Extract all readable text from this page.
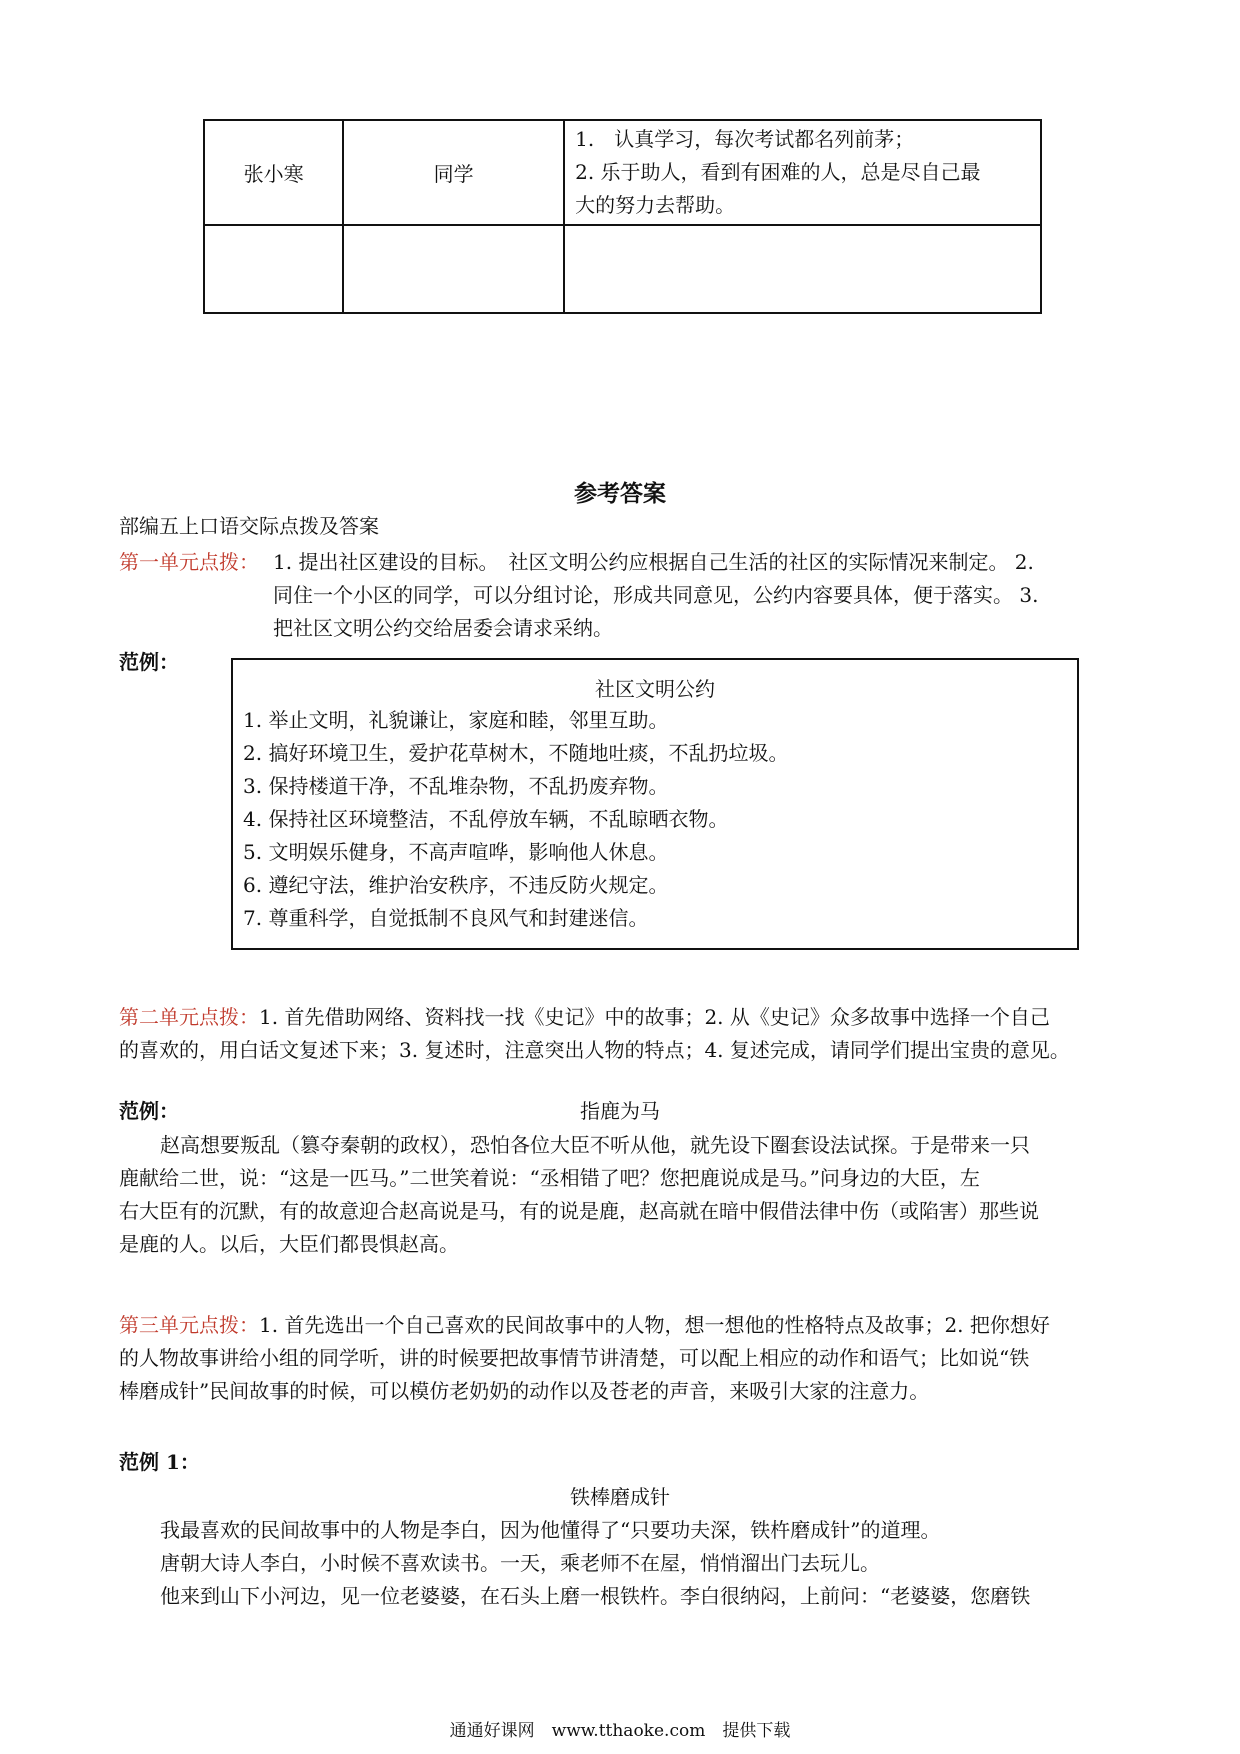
张小寒	同学	1.　认真学习，每次考试都名列前茅；
2. 乐于助人，看到有困难的人，总是尽自己最
大的努力去帮助。

参考答案
部编五上口语交际点拨及答案
第一单元点拨： 1. 提出社区建设的目标。　社区文明公约应根据自己生活的社区的实际情况来制定。 2.
同住一个小区的同学，可以分组讨论，形成共同意见，公约内容要具体，便于落实。 3.
把社区文明公约交给居委会请求采纳。
范例：
社区文明公约
1. 举止文明，礼貌谦让，家庭和睦，邻里互助。
2. 搞好环境卫生，爱护花草树木，不随地吐痰，不乱扔垃圾。
3. 保持楼道干净，不乱堆杂物，不乱扔废弃物。
4. 保持社区环境整洁，不乱停放车辆，不乱晾晒衣物。
5. 文明娱乐健身，不高声喧哗，影响他人休息。
6. 遵纪守法，维护治安秩序，不违反防火规定。
7. 尊重科学，自觉抵制不良风气和封建迷信。
第二单元点拨：1. 首先借助网络、资料找一找《史记》中的故事；2. 从《史记》众多故事中选择一个自己
的喜欢的，用白话文复述下来；3. 复述时，注意突出人物的特点；4. 复述完成，请同学们提出宝贵的意见。
范例：	指鹿为马
赵高想要叛乱（篡夺秦朝的政权），恐怕各位大臣不听从他，就先设下圈套设法试探。于是带来一只
鹿献给二世，说：“这是一匹马。”二世笑着说：“丞相错了吧？您把鹿说成是马。”问身边的大臣，左
右大臣有的沉默，有的故意迎合赵高说是马，有的说是鹿，赵高就在暗中假借法律中伤（或陷害）那些说
是鹿的人。以后，大臣们都畏惧赵高。
第三单元点拨：1. 首先选出一个自己喜欢的民间故事中的人物，想一想他的性格特点及故事；2. 把你想好
的人物故事讲给小组的同学听，讲的时候要把故事情节讲清楚，可以配上相应的动作和语气；比如说“铁
棒磨成针”民间故事的时候，可以模仿老奶奶的动作以及苍老的声音，来吸引大家的注意力。
范例 1：
铁棒磨成针
我最喜欢的民间故事中的人物是李白，因为他懂得了“只要功夫深，铁杵磨成针”的道理。
唐朝大诗人李白，小时候不喜欢读书。一天，乘老师不在屋，悄悄溜出门去玩儿。
他来到山下小河边，见一位老婆婆，在石头上磨一根铁杵。李白很纳闷，上前问：“老婆婆，您磨铁
通通好课网　www.tthaoke.com　提供下载
